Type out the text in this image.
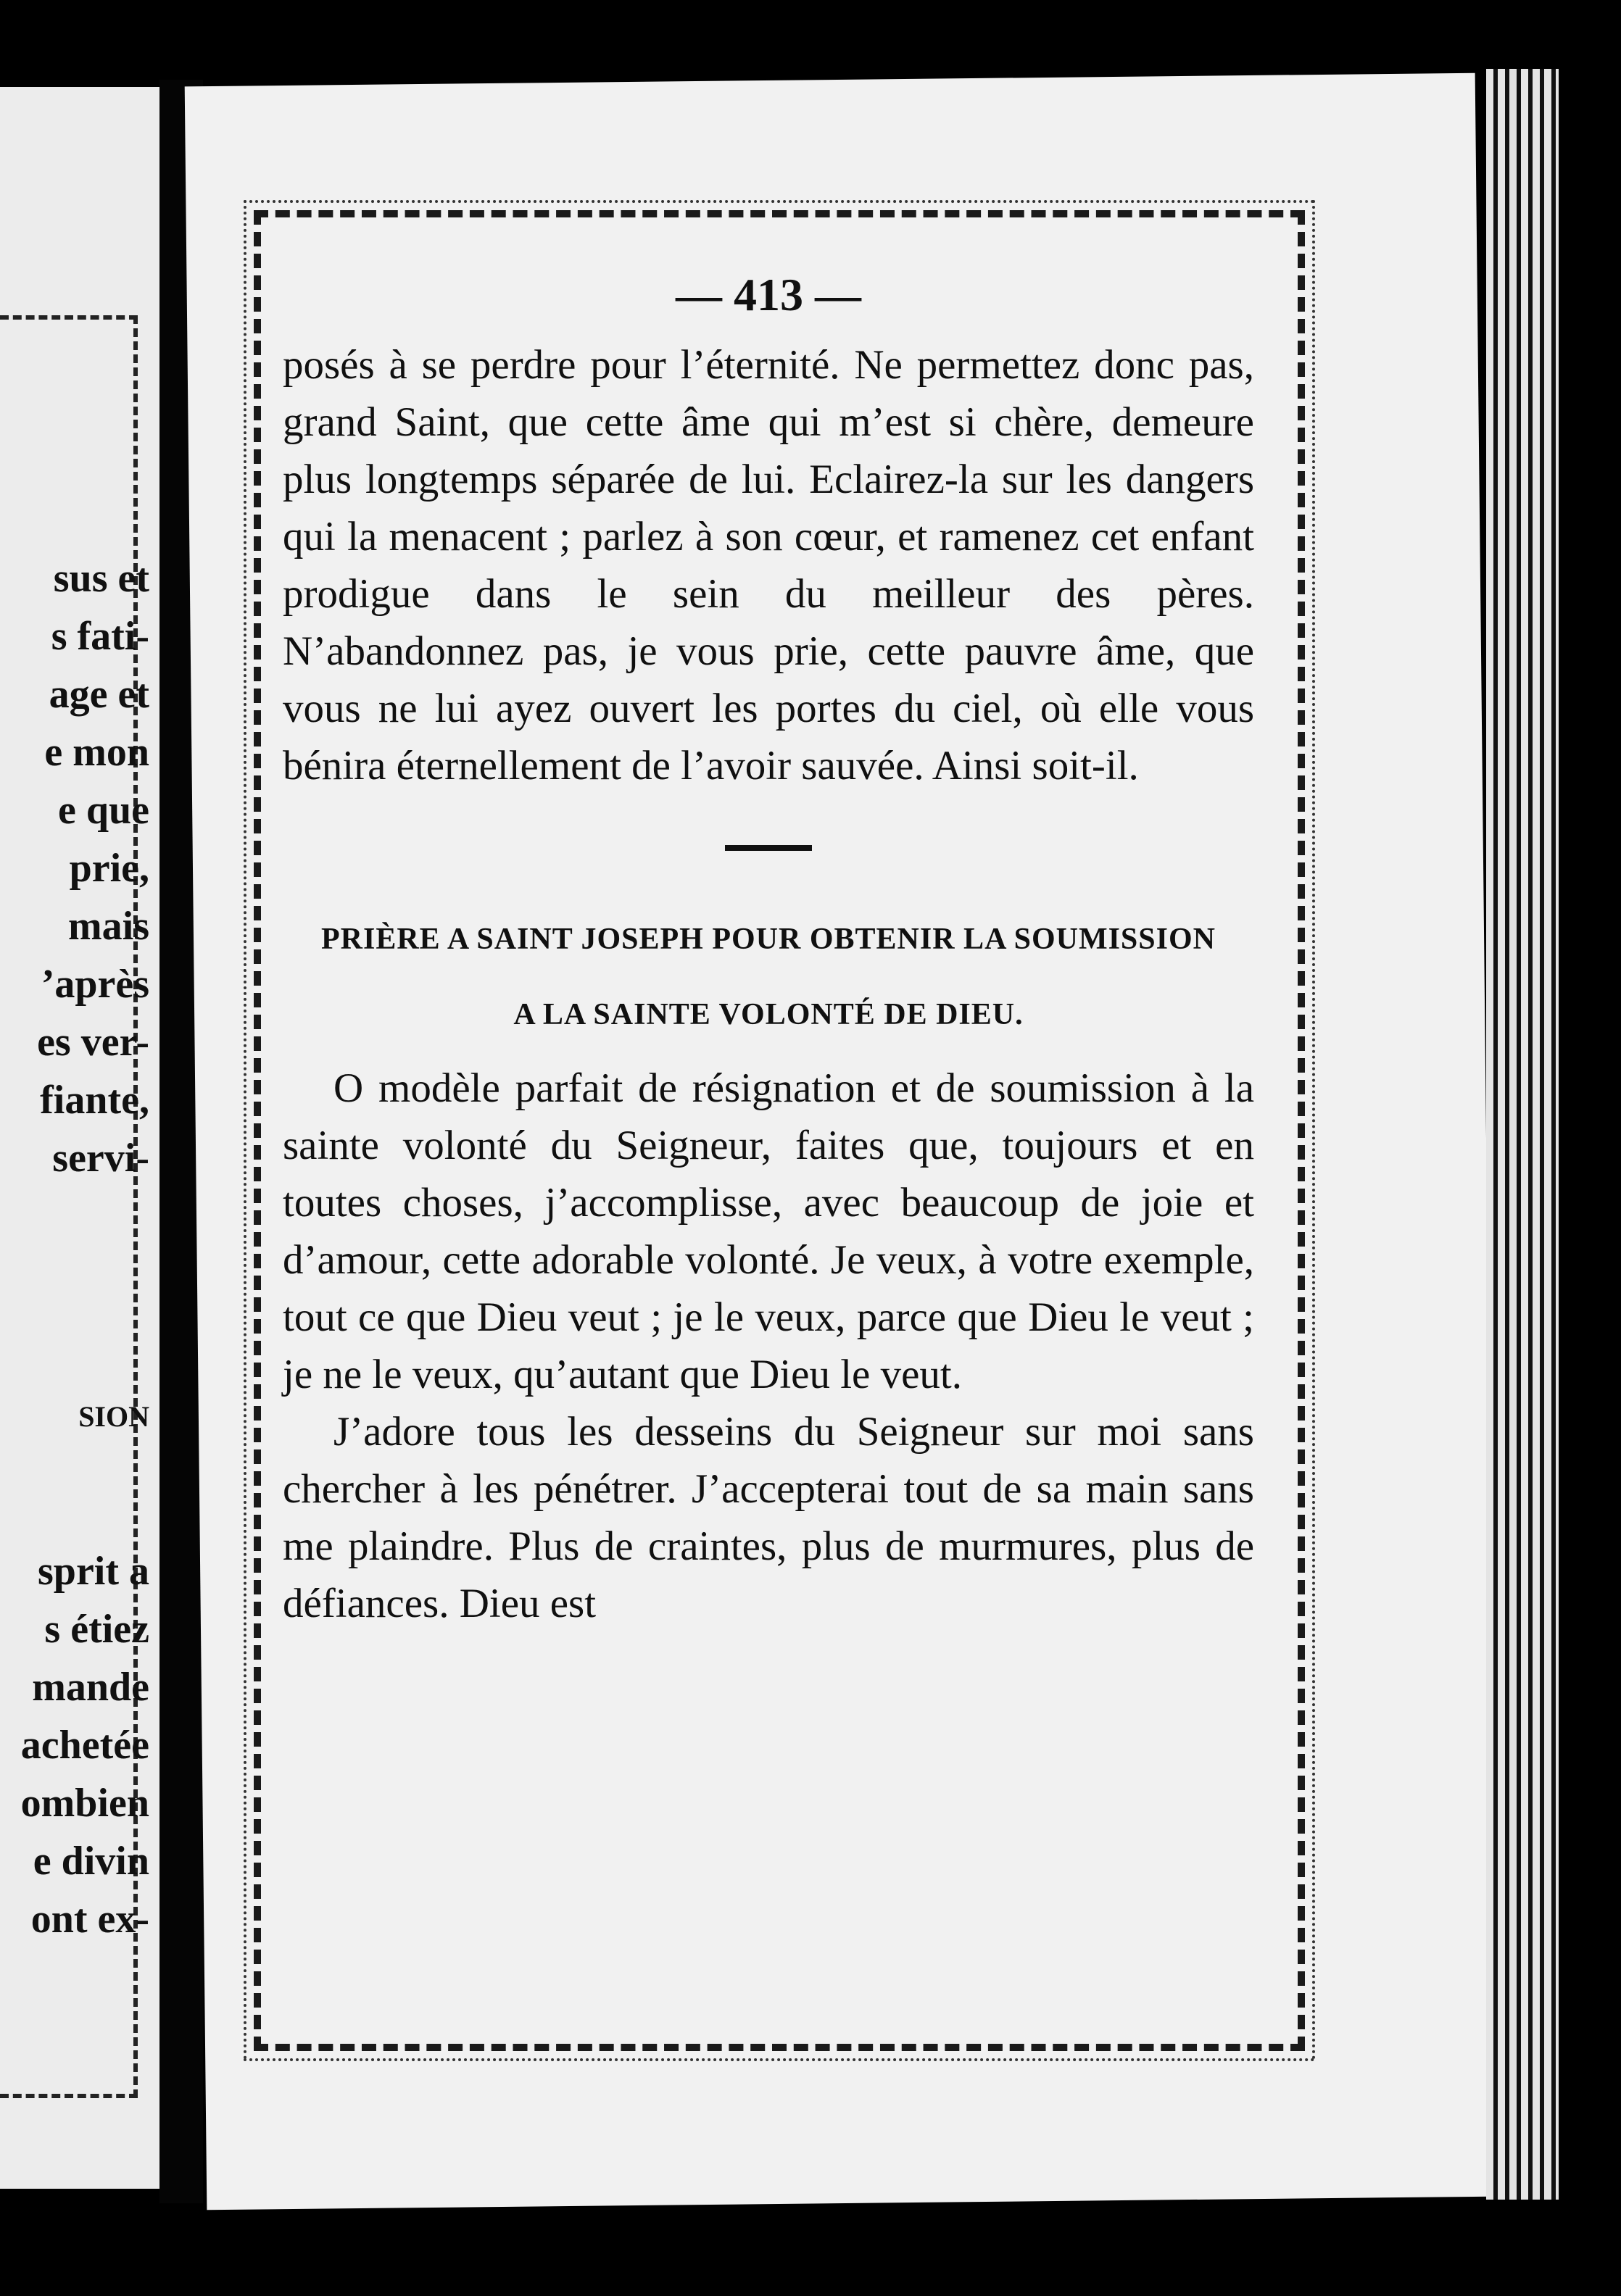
sus et
s fati-
age et
e mon
e que
prie,
mais
’après
es ver-
fiante,
servi-
SION
sprit a
s étiez
mande
achetée
ombien
e divin
ont ex-
— 413 —

posés à se perdre pour l’éternité. Ne permettez donc pas, grand Saint, que cette âme qui m’est si chère, demeure plus longtemps séparée de lui. Eclairez-la sur les dangers qui la menacent ; parlez à son cœur, et ramenez cet enfant prodigue dans le sein du meilleur des pères. N’abandonnez pas, je vous prie, cette pauvre âme, que vous ne lui ayez ouvert les portes du ciel, où elle vous bénira éternellement de l’avoir sauvée. Ainsi soit-il.

PRIÈRE A SAINT JOSEPH POUR OBTENIR LA SOUMISSION
A LA SAINTE VOLONTÉ DE DIEU.

O modèle parfait de résignation et de soumission à la sainte volonté du Seigneur, faites que, toujours et en toutes choses, j’accomplisse, avec beaucoup de joie et d’amour, cette adorable volonté. Je veux, à votre exemple, tout ce que Dieu veut ; je le veux, parce que Dieu le veut ; je ne le veux, qu’autant que Dieu le veut.

J’adore tous les desseins du Seigneur sur moi sans chercher à les pénétrer. J’accepterai tout de sa main sans me plaindre. Plus de craintes, plus de murmures, plus de défiances. Dieu est
